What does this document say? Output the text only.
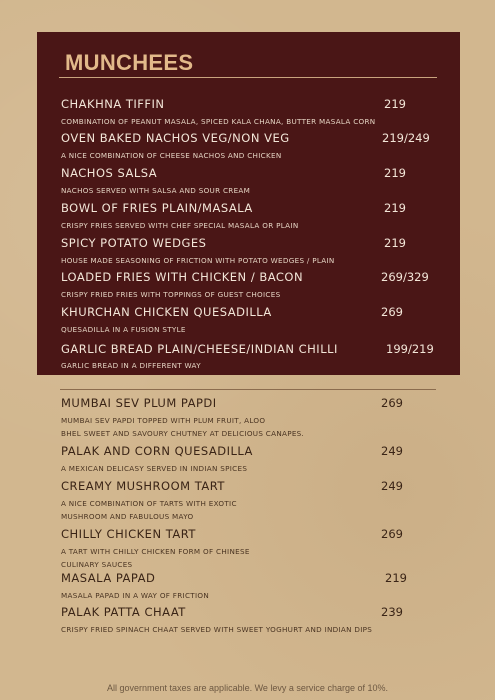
MUNCHEES
CHAKHNA TIFFIN	219
COMBINATION OF PEANUT MASALA, SPICED KALA CHANA, BUTTER MASALA CORN
OVEN BAKED NACHOS VEG/NON VEG	219/249
A NICE COMBINATION OF CHEESE NACHOS AND CHICKEN
NACHOS SALSA	219
NACHOS SERVED WITH SALSA AND SOUR CREAM
BOWL OF FRIES PLAIN/MASALA	219
CRISPY FRIES SERVED WITH CHEF SPECIAL MASALA OR PLAIN
SPICY POTATO WEDGES	219
HOUSE MADE SEASONING OF FRICTION WITH POTATO WEDGES / PLAIN
LOADED FRIES WITH CHICKEN / BACON	269/329
CRISPY FRIED FRIES WITH TOPPINGS OF GUEST CHOICES
KHURCHAN CHICKEN QUESADILLA	269
QUESADILLA IN A FUSION STYLE
GARLIC BREAD PLAIN/CHEESE/INDIAN CHILLI	199/219
GARLIC BREAD IN A DIFFERENT WAY
MUMBAI SEV PLUM PAPDI	269
MUMBAI SEV PAPDI TOPPED WITH PLUM FRUIT, ALOO
BHEL SWEET AND SAVOURY CHUTNEY AT DELICIOUS CANAPES.
PALAK AND CORN QUESADILLA	249
A MEXICAN DELICASY SERVED IN INDIAN SPICES
CREAMY MUSHROOM TART	249
A NICE COMBINATION OF TARTS WITH EXOTIC
MUSHROOM AND FABULOUS MAYO
CHILLY CHICKEN TART	269
A TART WITH CHILLY CHICKEN FORM OF CHINESE
CULINARY SAUCES
MASALA PAPAD	219
MASALA PAPAD IN A WAY OF FRICTION
PALAK PATTA CHAAT	239
CRISPY FRIED SPINACH CHAAT SERVED WITH SWEET YOGHURT AND INDIAN DIPS
All government taxes are applicable. We levy a service charge of 10%.
